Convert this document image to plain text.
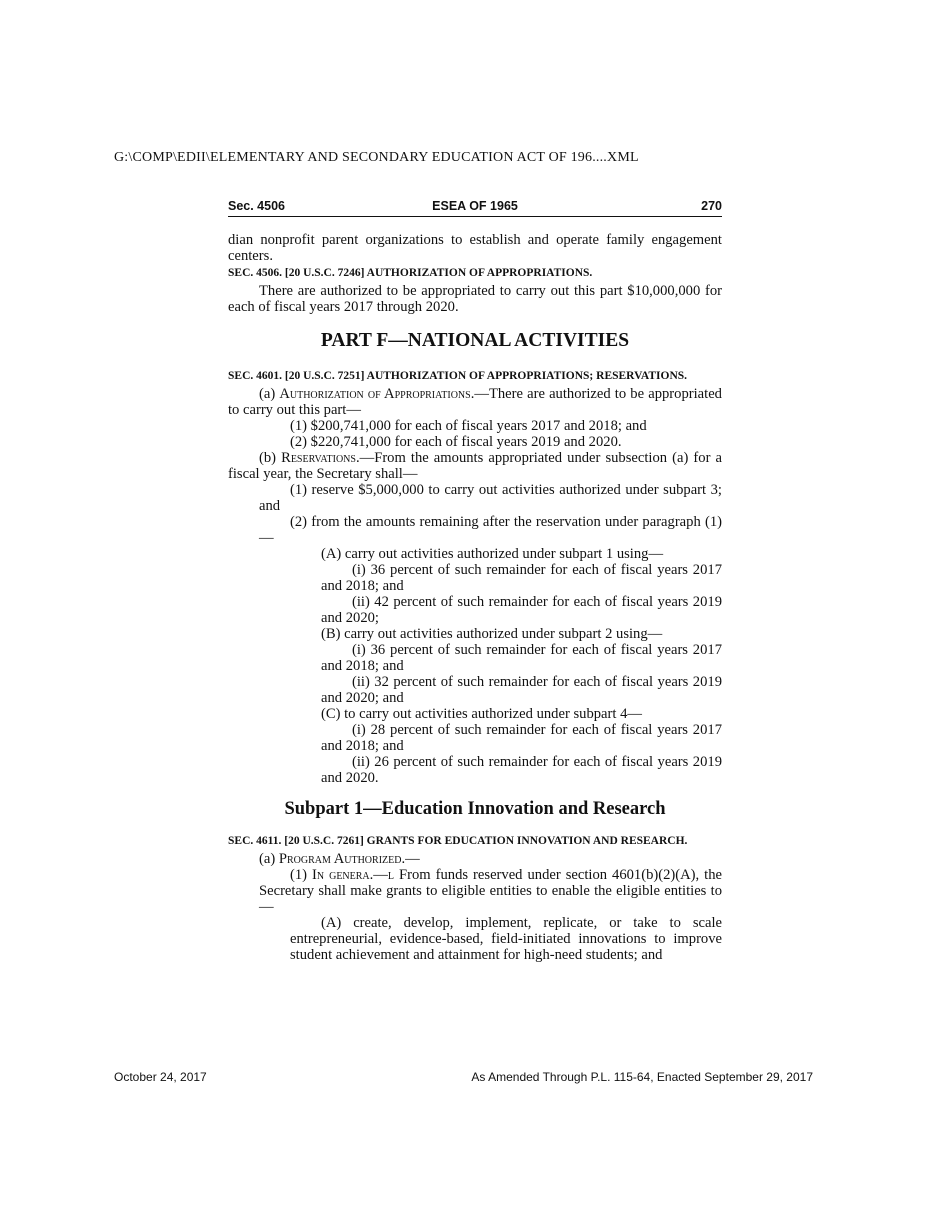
G:\COMP\EDII\ELEMENTARY AND SECONDARY EDUCATION ACT OF 196....XML
Sec. 4506	ESEA OF 1965	270

dian nonprofit parent organizations to establish and operate family engagement centers.

SEC. 4506. [20 U.S.C. 7246] AUTHORIZATION OF APPROPRIATIONS.

There are authorized to be appropriated to carry out this part $10,000,000 for each of fiscal years 2017 through 2020.

PART F—NATIONAL ACTIVITIES

SEC. 4601. [20 U.S.C. 7251] AUTHORIZATION OF APPROPRIATIONS; RESERVATIONS.

(a) Authorization of Appropriations.—There are authorized to be appropriated to carry out this part—

(1) $200,741,000 for each of fiscal years 2017 and 2018; and

(2) $220,741,000 for each of fiscal years 2019 and 2020.

(b) Reservations.—From the amounts appropriated under subsection (a) for a fiscal year, the Secretary shall—

(1) reserve $5,000,000 to carry out activities authorized under subpart 3; and

(2) from the amounts remaining after the reservation under paragraph (1)—

(A) carry out activities authorized under subpart 1 using—

(i) 36 percent of such remainder for each of fiscal years 2017 and 2018; and

(ii) 42 percent of such remainder for each of fiscal years 2019 and 2020;

(B) carry out activities authorized under subpart 2 using—

(i) 36 percent of such remainder for each of fiscal years 2017 and 2018; and

(ii) 32 percent of such remainder for each of fiscal years 2019 and 2020; and

(C) to carry out activities authorized under subpart 4—

(i) 28 percent of such remainder for each of fiscal years 2017 and 2018; and

(ii) 26 percent of such remainder for each of fiscal years 2019 and 2020.

Subpart 1—Education Innovation and Research

SEC. 4611. [20 U.S.C. 7261] GRANTS FOR EDUCATION INNOVATION AND RESEARCH.

(a) Program Authorized.—

(1) In genera.—l From funds reserved under section 4601(b)(2)(A), the Secretary shall make grants to eligible entities to enable the eligible entities to—

(A) create, develop, implement, replicate, or take to scale entrepreneurial, evidence-based, field-initiated innovations to improve student achievement and attainment for high-need students; and

October 24, 2017	As Amended Through P.L. 115-64, Enacted September 29, 2017
